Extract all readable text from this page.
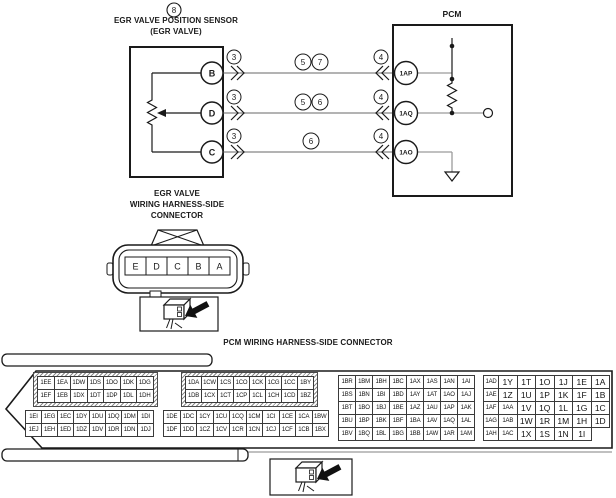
8
EGR VALVE POSITION SENSOR
(EGR VALVE)
3
3
3
4
4
4
5 7
5 6
6
B
D
C
PCM
1AP
1AQ
1AO
EGR VALVE
WIRING HARNESS-SIDE
CONNECTOR
E D C B A
PCM WIRING HARNESS-SIDE CONNECTOR
1EE 1EA 1DW 1DS 1DO 1DK 1DG
1EF 1EB 1DX 1DT 1DP 1DL 1DH
1DA 1CW 1CS 1CO 1CK 1CG 1CC 1BY
1DB 1CX 1CT 1CP 1CL 1CH 1CD 1BZ
1EI	1EG 1EC 1DY 1DU 1DQ 1DM 1DI
1EJ 1EH 1ED 1DZ 1DV 1DR 1DN 1DJ
1DE 1DC 1CY 1CU 1CQ 1CM	1CI	1CE 1CA 1BW
1DF 1DD 1CZ 1CV 1CR 1CN 1CJ	1CF 1CB 1BX
1BR 1BM 1BH 1BC	1AX	1AS	1AN	1AI
1BS	1BN	1BI	1BD	1AY	1AT	1AO	1AJ
1BT	1BO	1BJ	1BE	1AZ	1AU	1AP	1AK
1BU	1BP	1BK	1BF	1BA	1AV	1AQ	1AL
1BV 1BQ	1BL	1BG 1BB 1AW 1AR 1AM
1AD 1Y 1T 1O 1J	1E 1A
1AE 1Z 1U 1P 1K 1F 1B
1AF	1AA 1V 1Q 1L 1G 1C
1AG 1AB 1W 1R 1M 1H 1D
1AH 1AC 1X 1S 1N	1I
